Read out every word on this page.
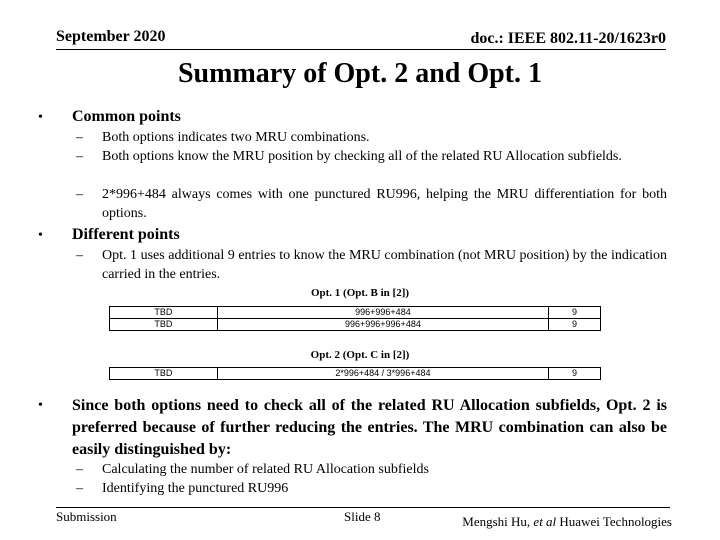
September 2020	doc.: IEEE 802.11-20/1623r0
Summary of Opt. 2 and Opt. 1
• Common points
– Both options indicates two MRU combinations.
– Both options know the MRU position by checking all of the related RU Allocation subfields.
– 2*996+484 always comes with one punctured RU996, helping the MRU differentiation for both options.
• Different points
– Opt. 1 uses additional 9 entries to know the MRU combination (not MRU position) by the indication carried in the entries.
Opt. 1 (Opt. B in [2])
TBD	996+996+484	9
TBD	996+996+996+484	9
Opt. 2 (Opt. C in [2])
TBD	2*996+484 / 3*996+484	9
• Since both options need to check all of the related RU Allocation subfields, Opt. 2 is preferred because of further reducing the entries. The MRU combination can also be easily distinguished by:
– Calculating the number of related RU Allocation subfields
– Identifying the punctured RU996
Submission	Slide 8	Mengshi Hu, et al Huawei Technologies
